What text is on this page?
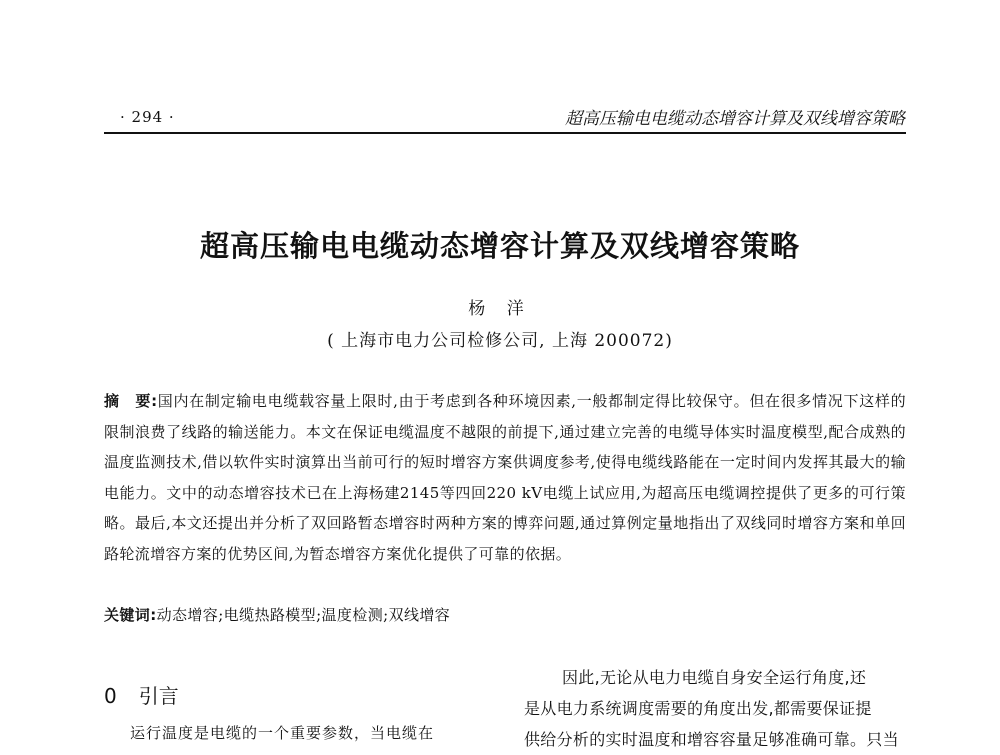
· 294 ·	超高压输电电缆动态增容计算及双线增容策略
超高压输电电缆动态增容计算及双线增容策略
杨 洋
( 上海市电力公司检修公司, 上海 200072)
摘　要:国内在制定输电电缆载容量上限时,由于考虑到各种环境因素,一般都制定得比较保守。但在很多情况下这样的限制浪费了线路的输送能力。本文在保证电缆温度不越限的前提下,通过建立完善的电缆导体实时温度模型,配合成熟的温度监测技术,借以软件实时演算出当前可行的短时增容方案供调度参考,使得电缆线路能在一定时间内发挥其最大的输电能力。文中的动态增容技术已在上海杨建2145等四回220 kV电缆上试应用,为超高压电缆调控提供了更多的可行策略。最后,本文还提出并分析了双回路暂态增容时两种方案的博弈问题,通过算例定量地指出了双线同时增容方案和单回路轮流增容方案的优势区间,为暂态增容方案优化提供了可靠的依据。
关键词:动态增容;电缆热路模型;温度检测;双线增容
0 引言
运行温度是电缆的一个重要参数，当电缆在
因此,无论从电力电缆自身安全运行角度,还
是从电力系统调度需要的角度出发,都需要保证提
供给分析的实时温度和增容容量足够准确可靠。只当
